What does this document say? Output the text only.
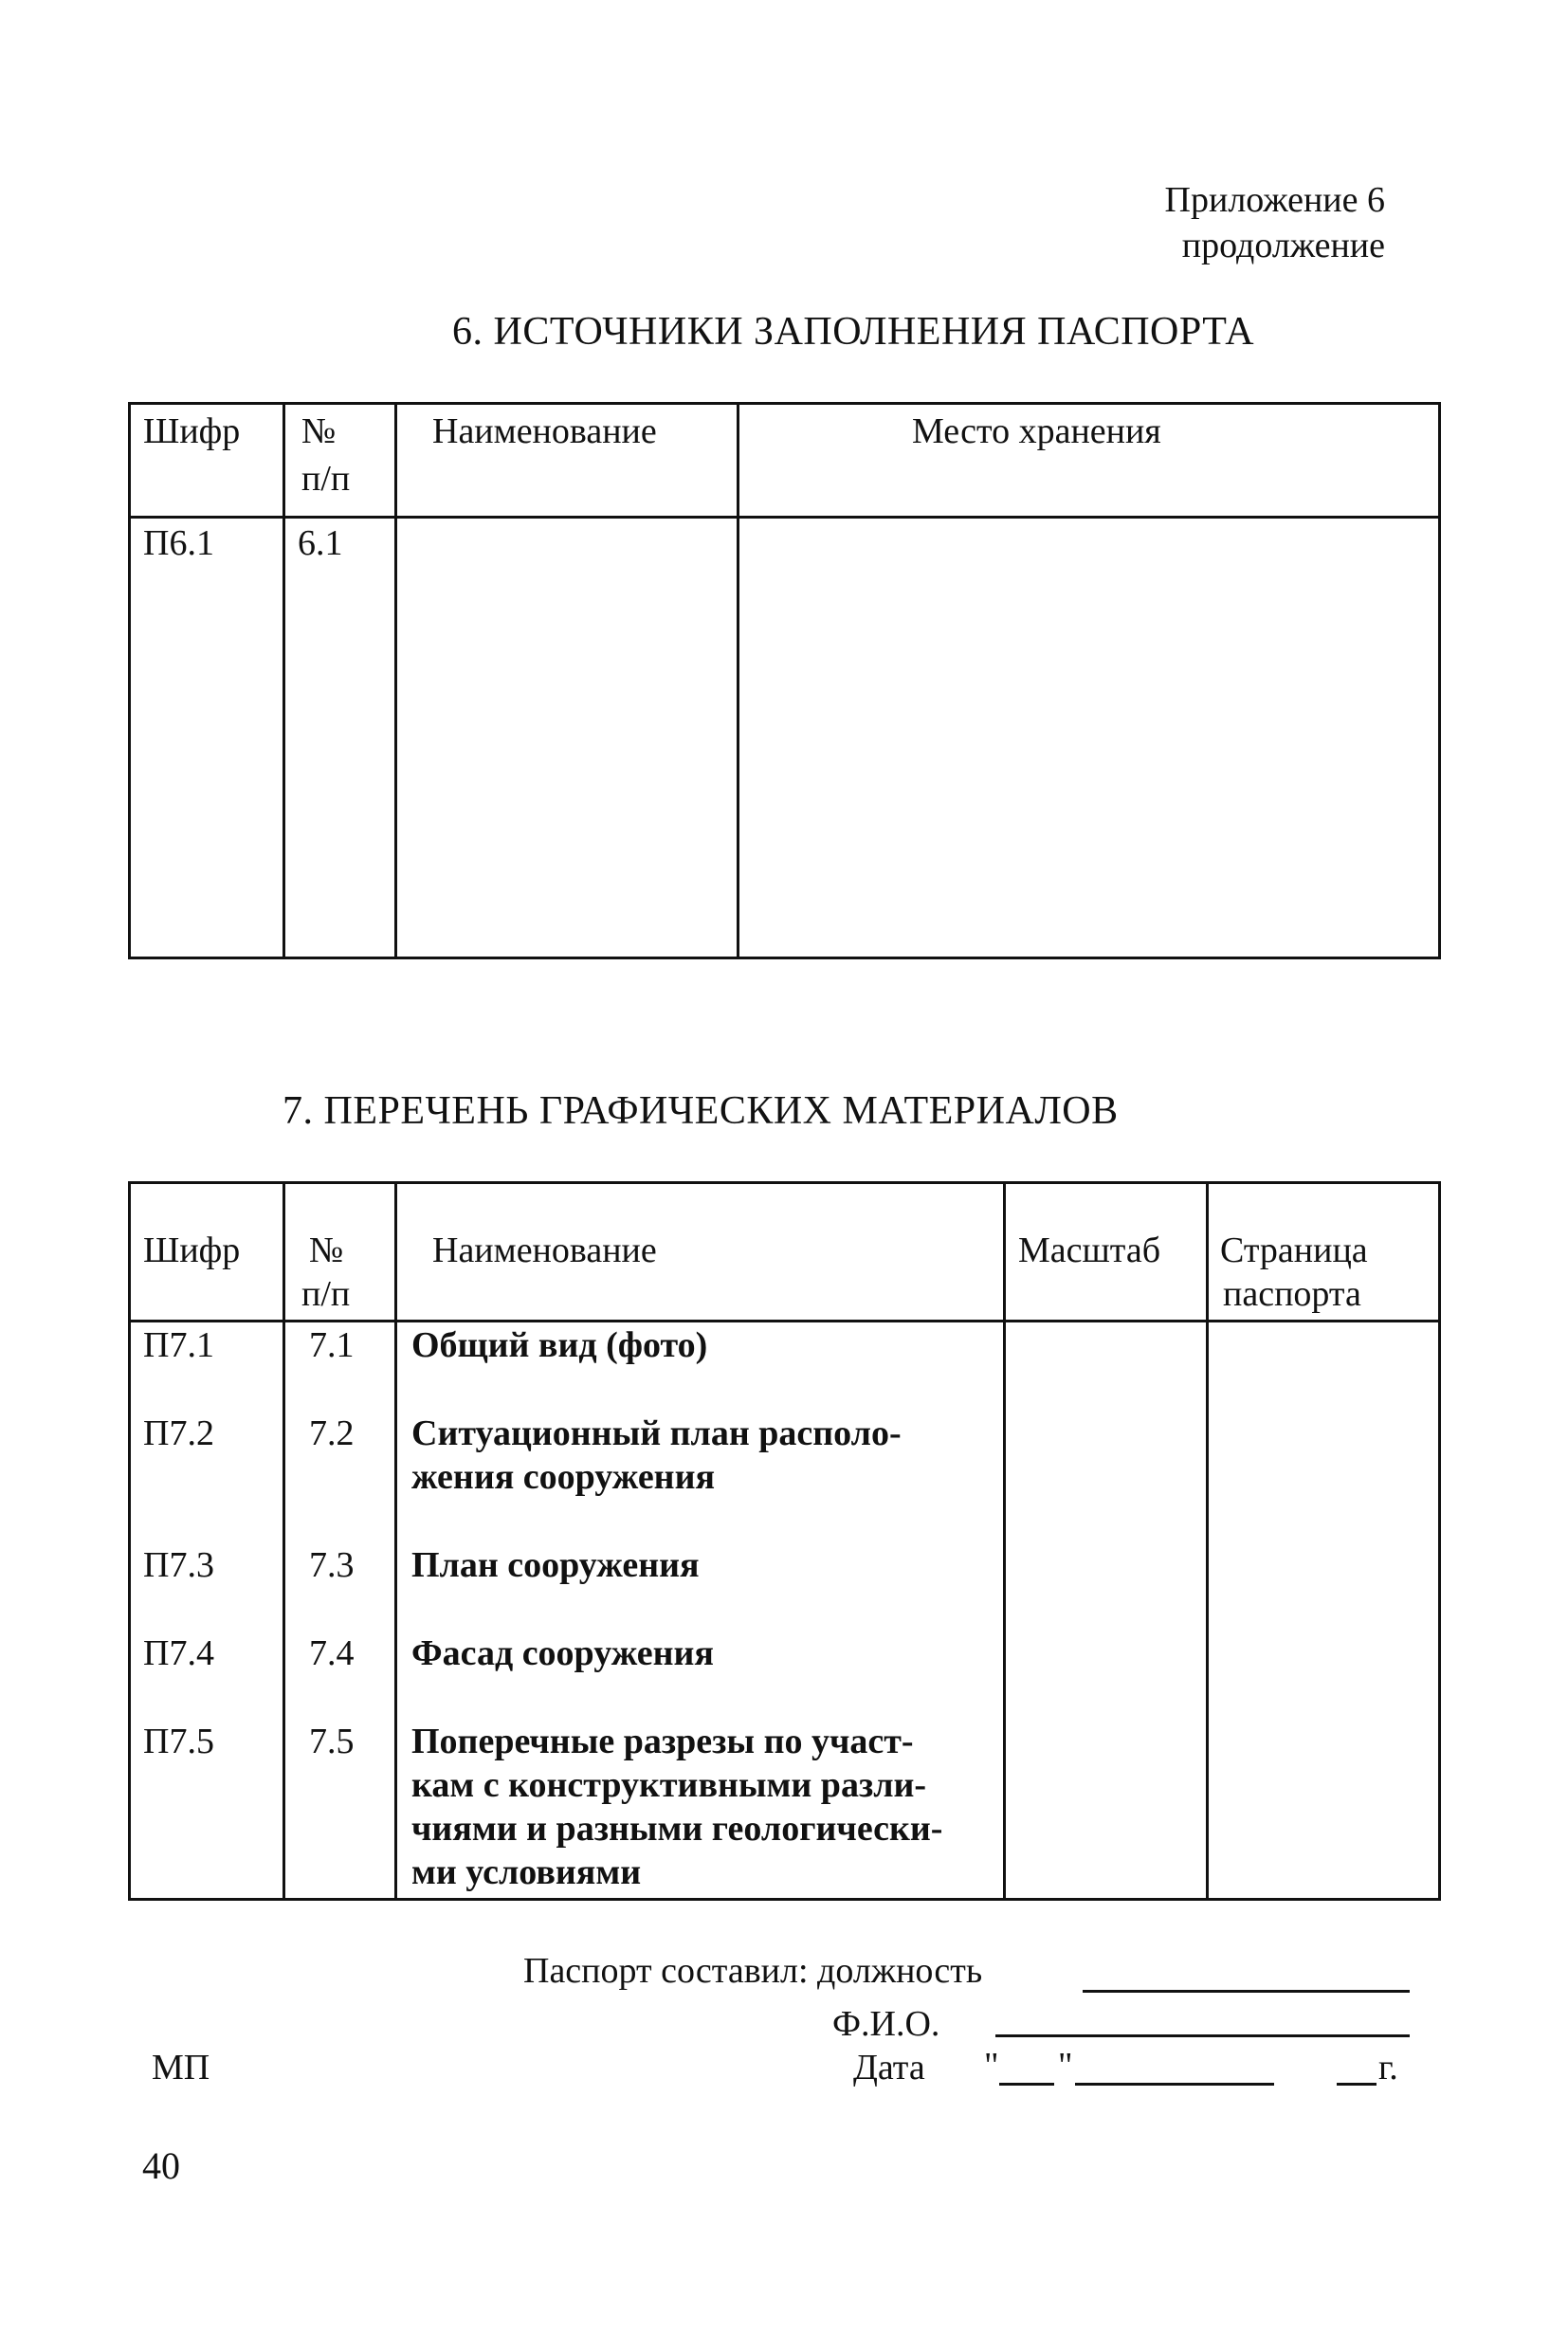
Приложение 6
продолжение
6. ИСТОЧНИКИ ЗАПОЛНЕНИЯ ПАСПОРТА
Шифр №
п/п
Наименование	Место хранения
П6.1 6.1
7. ПЕРЕЧЕНЬ ГРАФИЧЕСКИХ МАТЕРИАЛОВ
Шифр №
п/п
Наименование	Масштаб Страница
паспорта
П7.1	7.1 Общий вид (фото)
П7.2	7.2 Ситуационный план располо-
жения сооружения
П7.3	7.3 План сооружения
П7.4	7.4 Фасад сооружения
П7.5	7.5 Поперечные разрезы по участ-
кам с конструктивными разли-
чиями и разными геологически-
ми условиями
Паспорт составил: должность
Ф.И.О.
МП	Дата " "	г.
40
